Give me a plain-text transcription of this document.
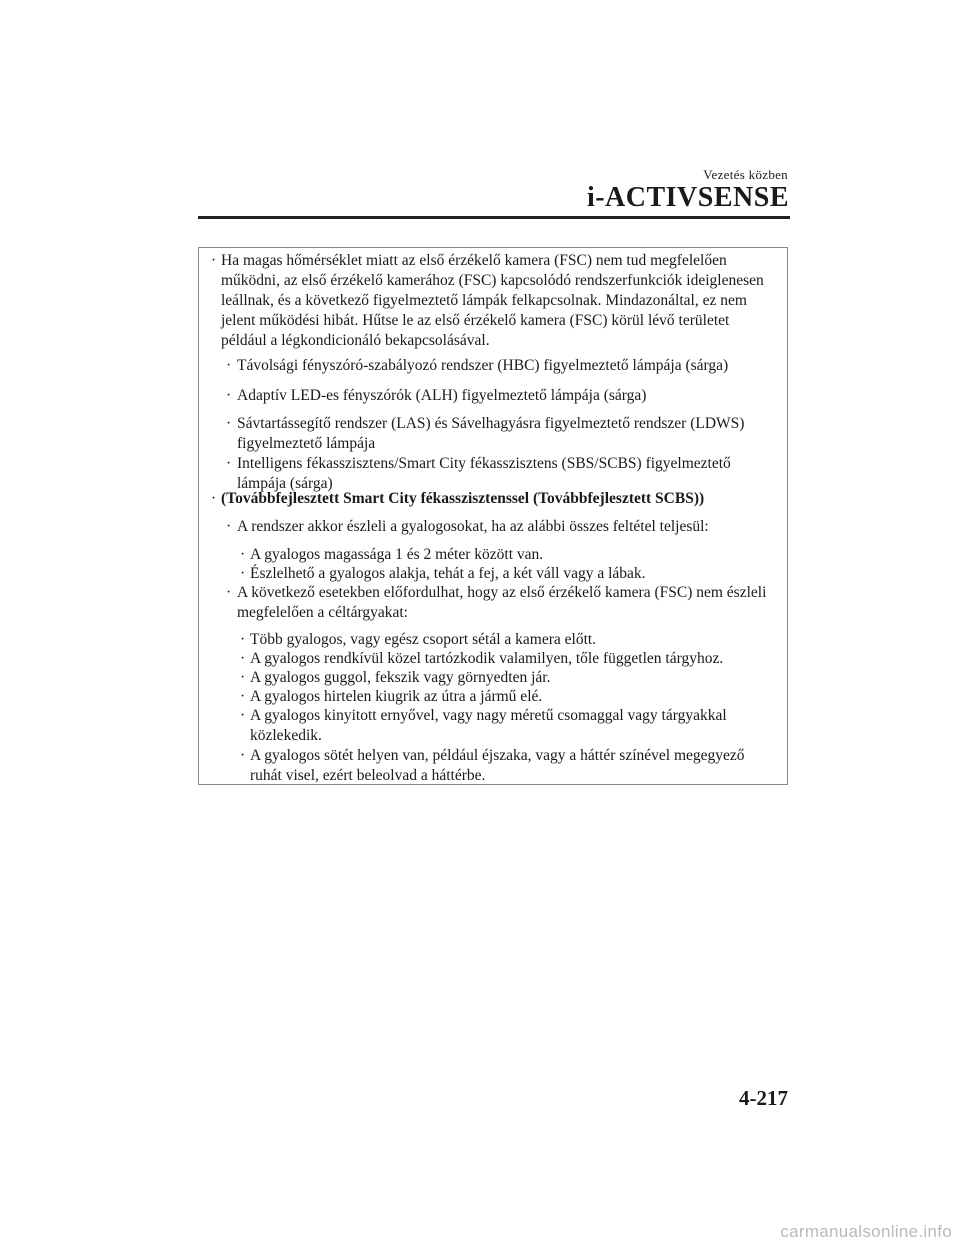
Vezetés közben
i-ACTIVSENSE
· Ha magas hőmérséklet miatt az első érzékelő kamera (FSC) nem tud megfelelően
működni, az első érzékelő kamerához (FSC) kapcsolódó rendszerfunkciók ideiglenesen
leállnak, és a következő figyelmeztető lámpák felkapcsolnak. Mindazonáltal, ez nem
jelent működési hibát. Hűtse le az első érzékelő kamera (FSC) körül lévő területet
például a légkondicionáló bekapcsolásával.
· Távolsági fényszóró-szabályozó rendszer (HBC) figyelmeztető lámpája (sárga)
· Adaptív LED-es fényszórók (ALH) figyelmeztető lámpája (sárga)
· Sávtartássegítő rendszer (LAS) és Sávelhagyásra figyelmeztető rendszer (LDWS)
figyelmeztető lámpája
· Intelligens fékasszisztens/Smart City fékasszisztens (SBS/SCBS) figyelmeztető
lámpája (sárga)
· (Továbbfejlesztett Smart City fékasszisztenssel (Továbbfejlesztett SCBS))
· A rendszer akkor észleli a gyalogosokat, ha az alábbi összes feltétel teljesül:
· A gyalogos magassága 1 és 2 méter között van.
· Észlelhető a gyalogos alakja, tehát a fej, a két váll vagy a lábak.
· A következő esetekben előfordulhat, hogy az első érzékelő kamera (FSC) nem észleli
megfelelően a céltárgyakat:
· Több gyalogos, vagy egész csoport sétál a kamera előtt.
· A gyalogos rendkívül közel tartózkodik valamilyen, tőle független tárgyhoz.
· A gyalogos guggol, fekszik vagy görnyedten jár.
· A gyalogos hirtelen kiugrik az útra a jármű elé.
· A gyalogos kinyitott ernyővel, vagy nagy méretű csomaggal vagy tárgyakkal
közlekedik.
· A gyalogos sötét helyen van, például éjszaka, vagy a háttér színével megegyező
ruhát visel, ezért beleolvad a háttérbe.
4-217
carmanualsonline.info
